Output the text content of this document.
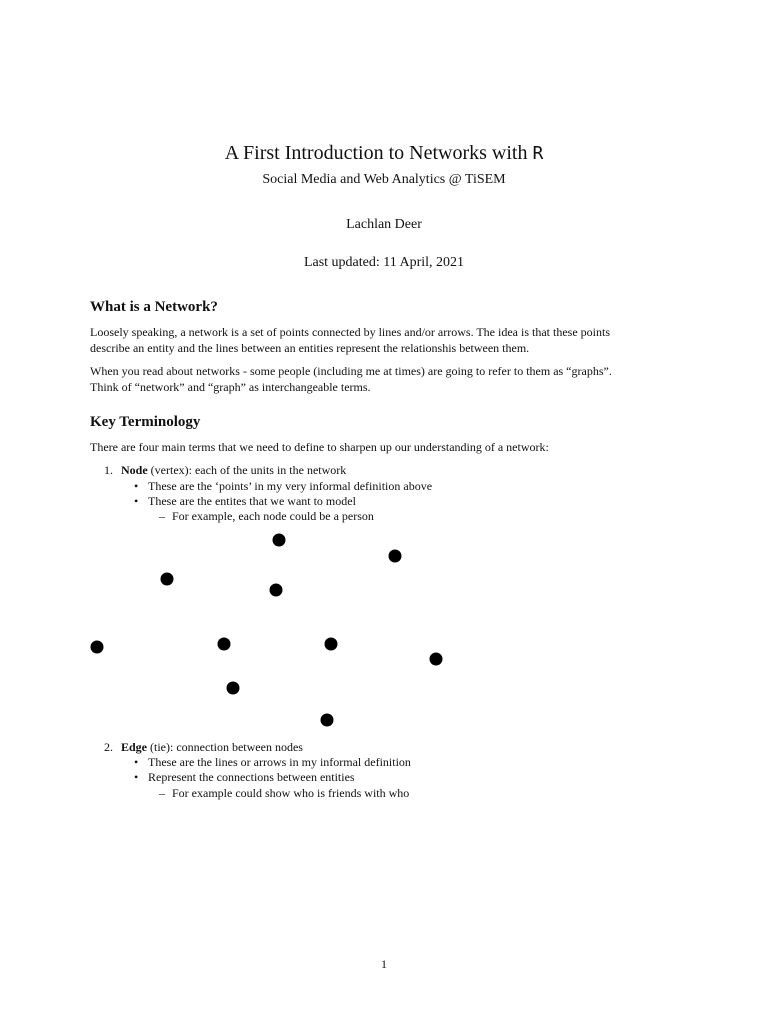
A First Introduction to Networks with R
Social Media and Web Analytics @ TiSEM
Lachlan Deer
Last updated: 11 April, 2021
What is a Network?
Loosely speaking, a network is a set of points connected by lines and/or arrows. The idea is that these points
describe an entity and the lines between an entities represent the relationshis between them.
When you read about networks - some people (including me at times) are going to refer to them as “graphs”.
Think of “network” and “graph” as interchangeable terms.
Key Terminology
There are four main terms that we need to define to sharpen up our understanding of a network:
1. Node (vertex): each of the units in the network
• These are the ‘points’ in my very informal definition above
• These are the entites that we want to model
– For example, each node could be a person
2. Edge (tie): connection between nodes
• These are the lines or arrows in my informal definition
• Represent the connections between entities
– For example could show who is friends with who
1
